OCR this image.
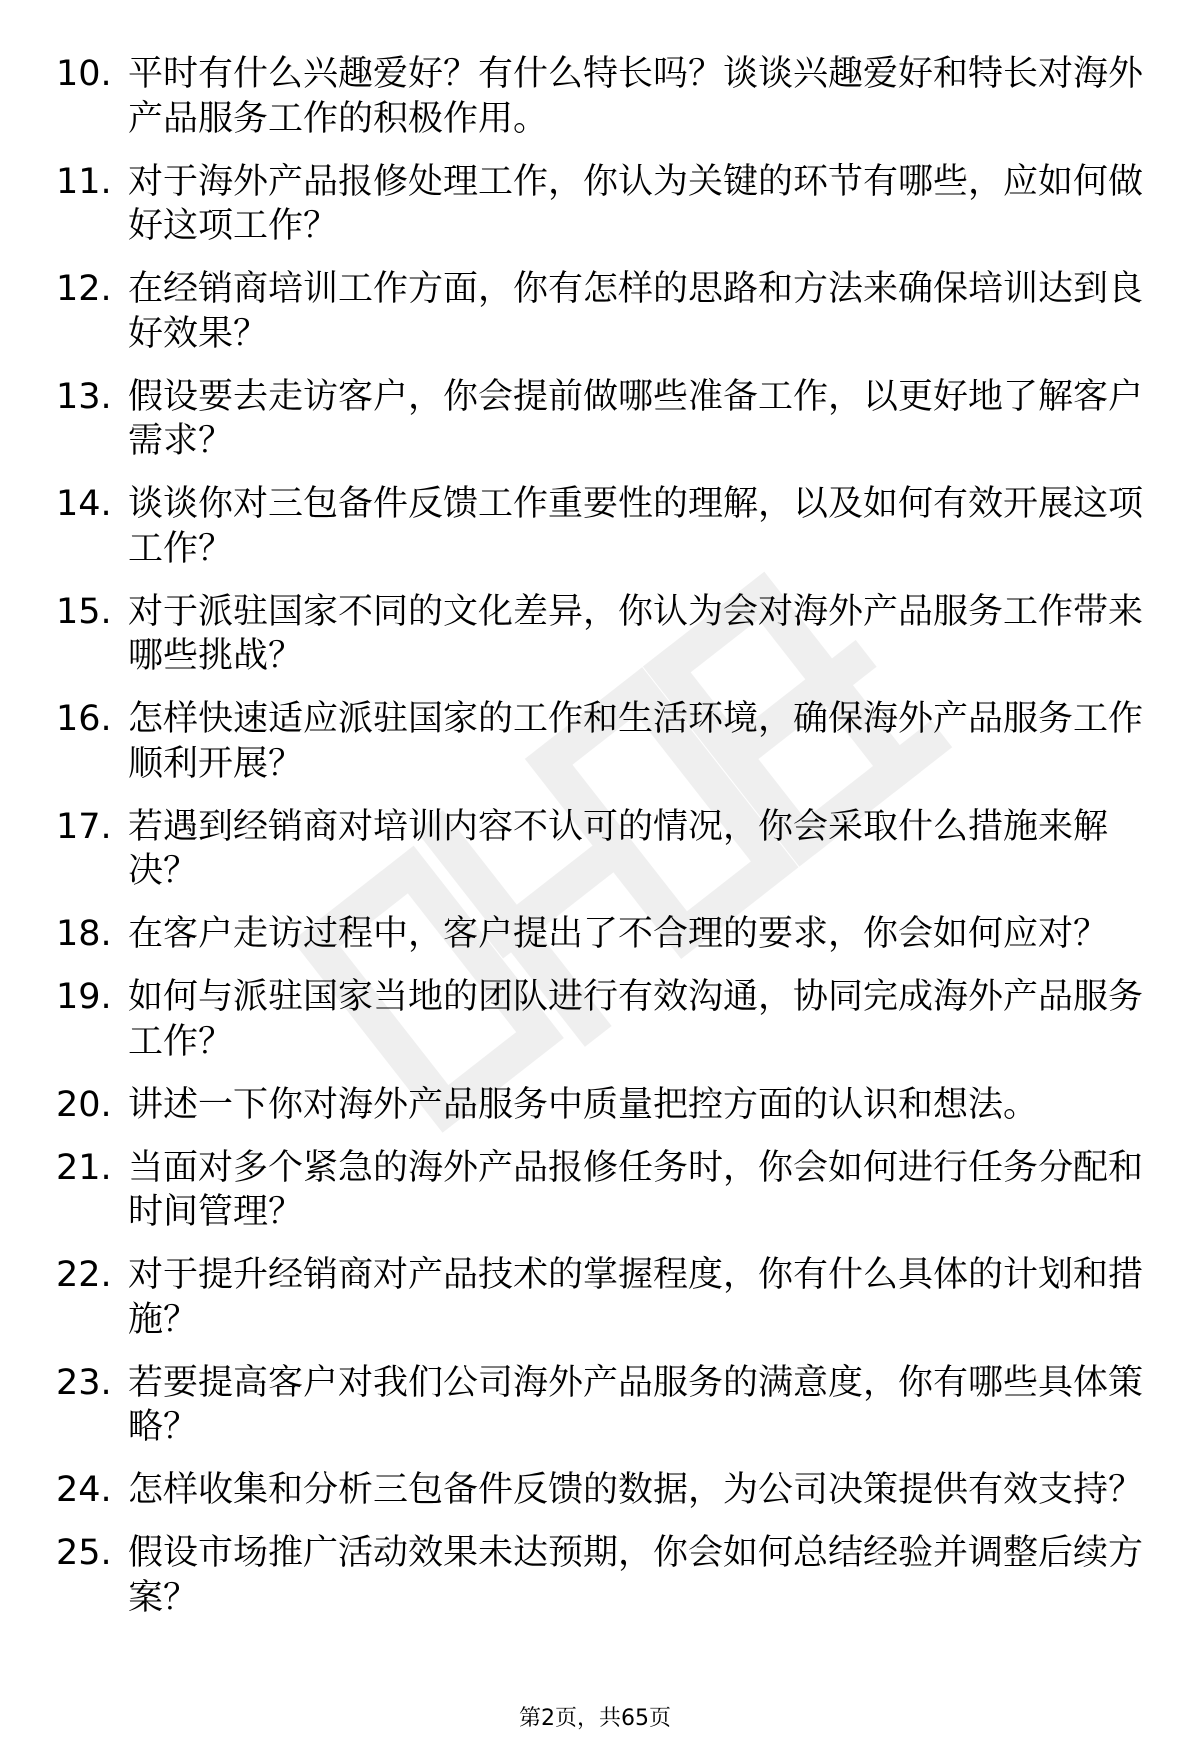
10. 平时有什么兴趣爱好？有什么特长吗？谈谈兴趣爱好和特长对海外产品服务工作的积极作用。
11. 对于海外产品报修处理工作，你认为关键的环节有哪些，应如何做好这项工作？
12. 在经销商培训工作方面，你有怎样的思路和方法来确保培训达到良好效果？
13. 假设要去走访客户，你会提前做哪些准备工作，以更好地了解客户需求？
14. 谈谈你对三包备件反馈工作重要性的理解，以及如何有效开展这项工作？
15. 对于派驻国家不同的文化差异，你认为会对海外产品服务工作带来哪些挑战？
16. 怎样快速适应派驻国家的工作和生活环境，确保海外产品服务工作顺利开展？
17. 若遇到经销商对培训内容不认可的情况，你会采取什么措施来解决？
18. 在客户走访过程中，客户提出了不合理的要求，你会如何应对？
19. 如何与派驻国家当地的团队进行有效沟通，协同完成海外产品服务工作？
20. 讲述一下你对海外产品服务中质量把控方面的认识和想法。
21. 当面对多个紧急的海外产品报修任务时，你会如何进行任务分配和时间管理？
22. 对于提升经销商对产品技术的掌握程度，你有什么具体的计划和措施？
23. 若要提高客户对我们公司海外产品服务的满意度，你有哪些具体策略？
24. 怎样收集和分析三包备件反馈的数据，为公司决策提供有效支持？
25. 假设市场推广活动效果未达预期，你会如何总结经验并调整后续方案？
第2页，共65页
